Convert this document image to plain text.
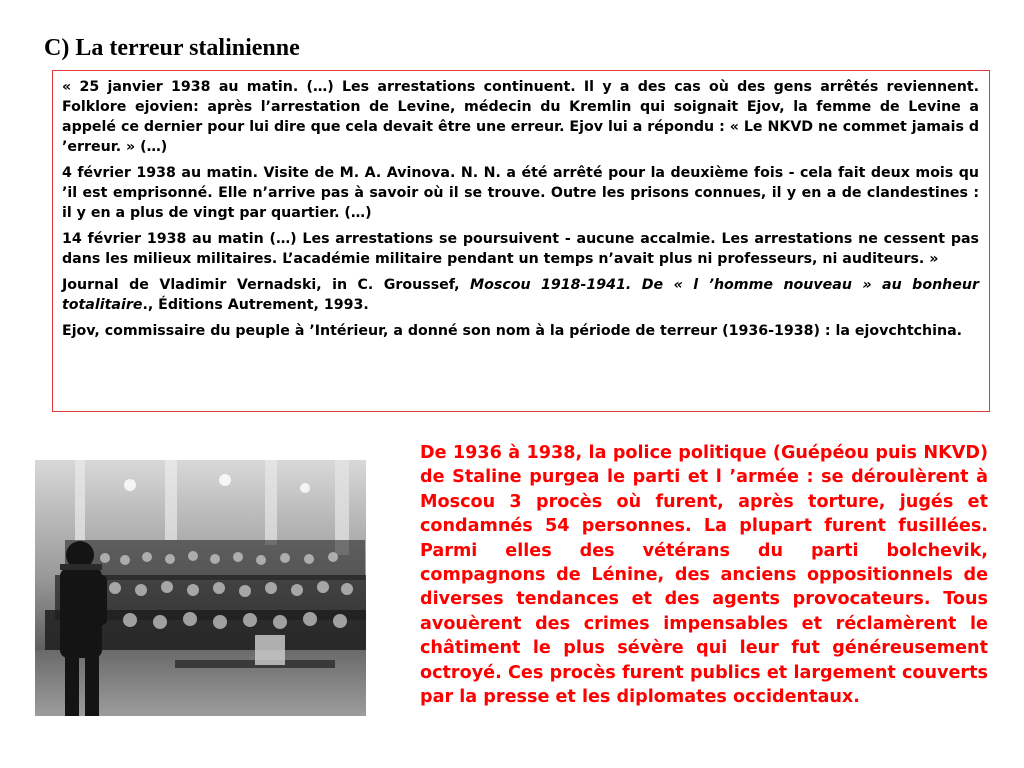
C) La terreur stalinienne

« 25 janvier 1938 au matin. (…) Les arrestations continuent. Il y a des cas où des gens arrêtés reviennent. Folklore ejovien: après l’arrestation de Levine, médecin du Kremlin qui soignait Ejov, la femme de Levine a appelé ce dernier pour lui dire que cela devait être une erreur. Ejov lui a répondu : « Le NKVD ne commet jamais d ’erreur. » (…)

4 février 1938 au matin. Visite de M. A. Avinova. N. N. a été arrêté pour la deuxième fois - cela fait deux mois qu ’il est emprisonné. Elle n’arrive pas à savoir où il se trouve. Outre les prisons connues, il y en a de clandestines : il y en a plus de vingt par quartier. (…)

14 février 1938 au matin (…) Les arrestations se poursuivent - aucune accalmie. Les arrestations ne cessent pas dans les milieux militaires. L’académie militaire pendant un temps n’avait plus ni professeurs, ni auditeurs. »

Journal de Vladimir Vernadski, in C. Groussef, Moscou 1918-1941. De « l ’homme nouveau » au bonheur totalitaire., Éditions Autrement, 1993.

Ejov, commissaire du peuple à ’Intérieur, a donné son nom à la période de terreur (1936-1938) : la ejovchtchina.

De 1936 à 1938, la police politique (Guépéou puis NKVD) de Staline purgea le parti et l ’armée : se déroulèrent à Moscou 3 procès où furent, après torture, jugés et condamnés 54 personnes. La plupart furent fusillées. Parmi elles des vétérans du parti bolchevik, compagnons de Lénine, des anciens oppositionnels de diverses tendances et des agents provocateurs. Tous avouèrent des crimes impensables et réclamèrent le châtiment le plus sévère qui leur fut généreusement octroyé. Ces procès furent publics et largement couverts par la presse et les diplomates occidentaux.
